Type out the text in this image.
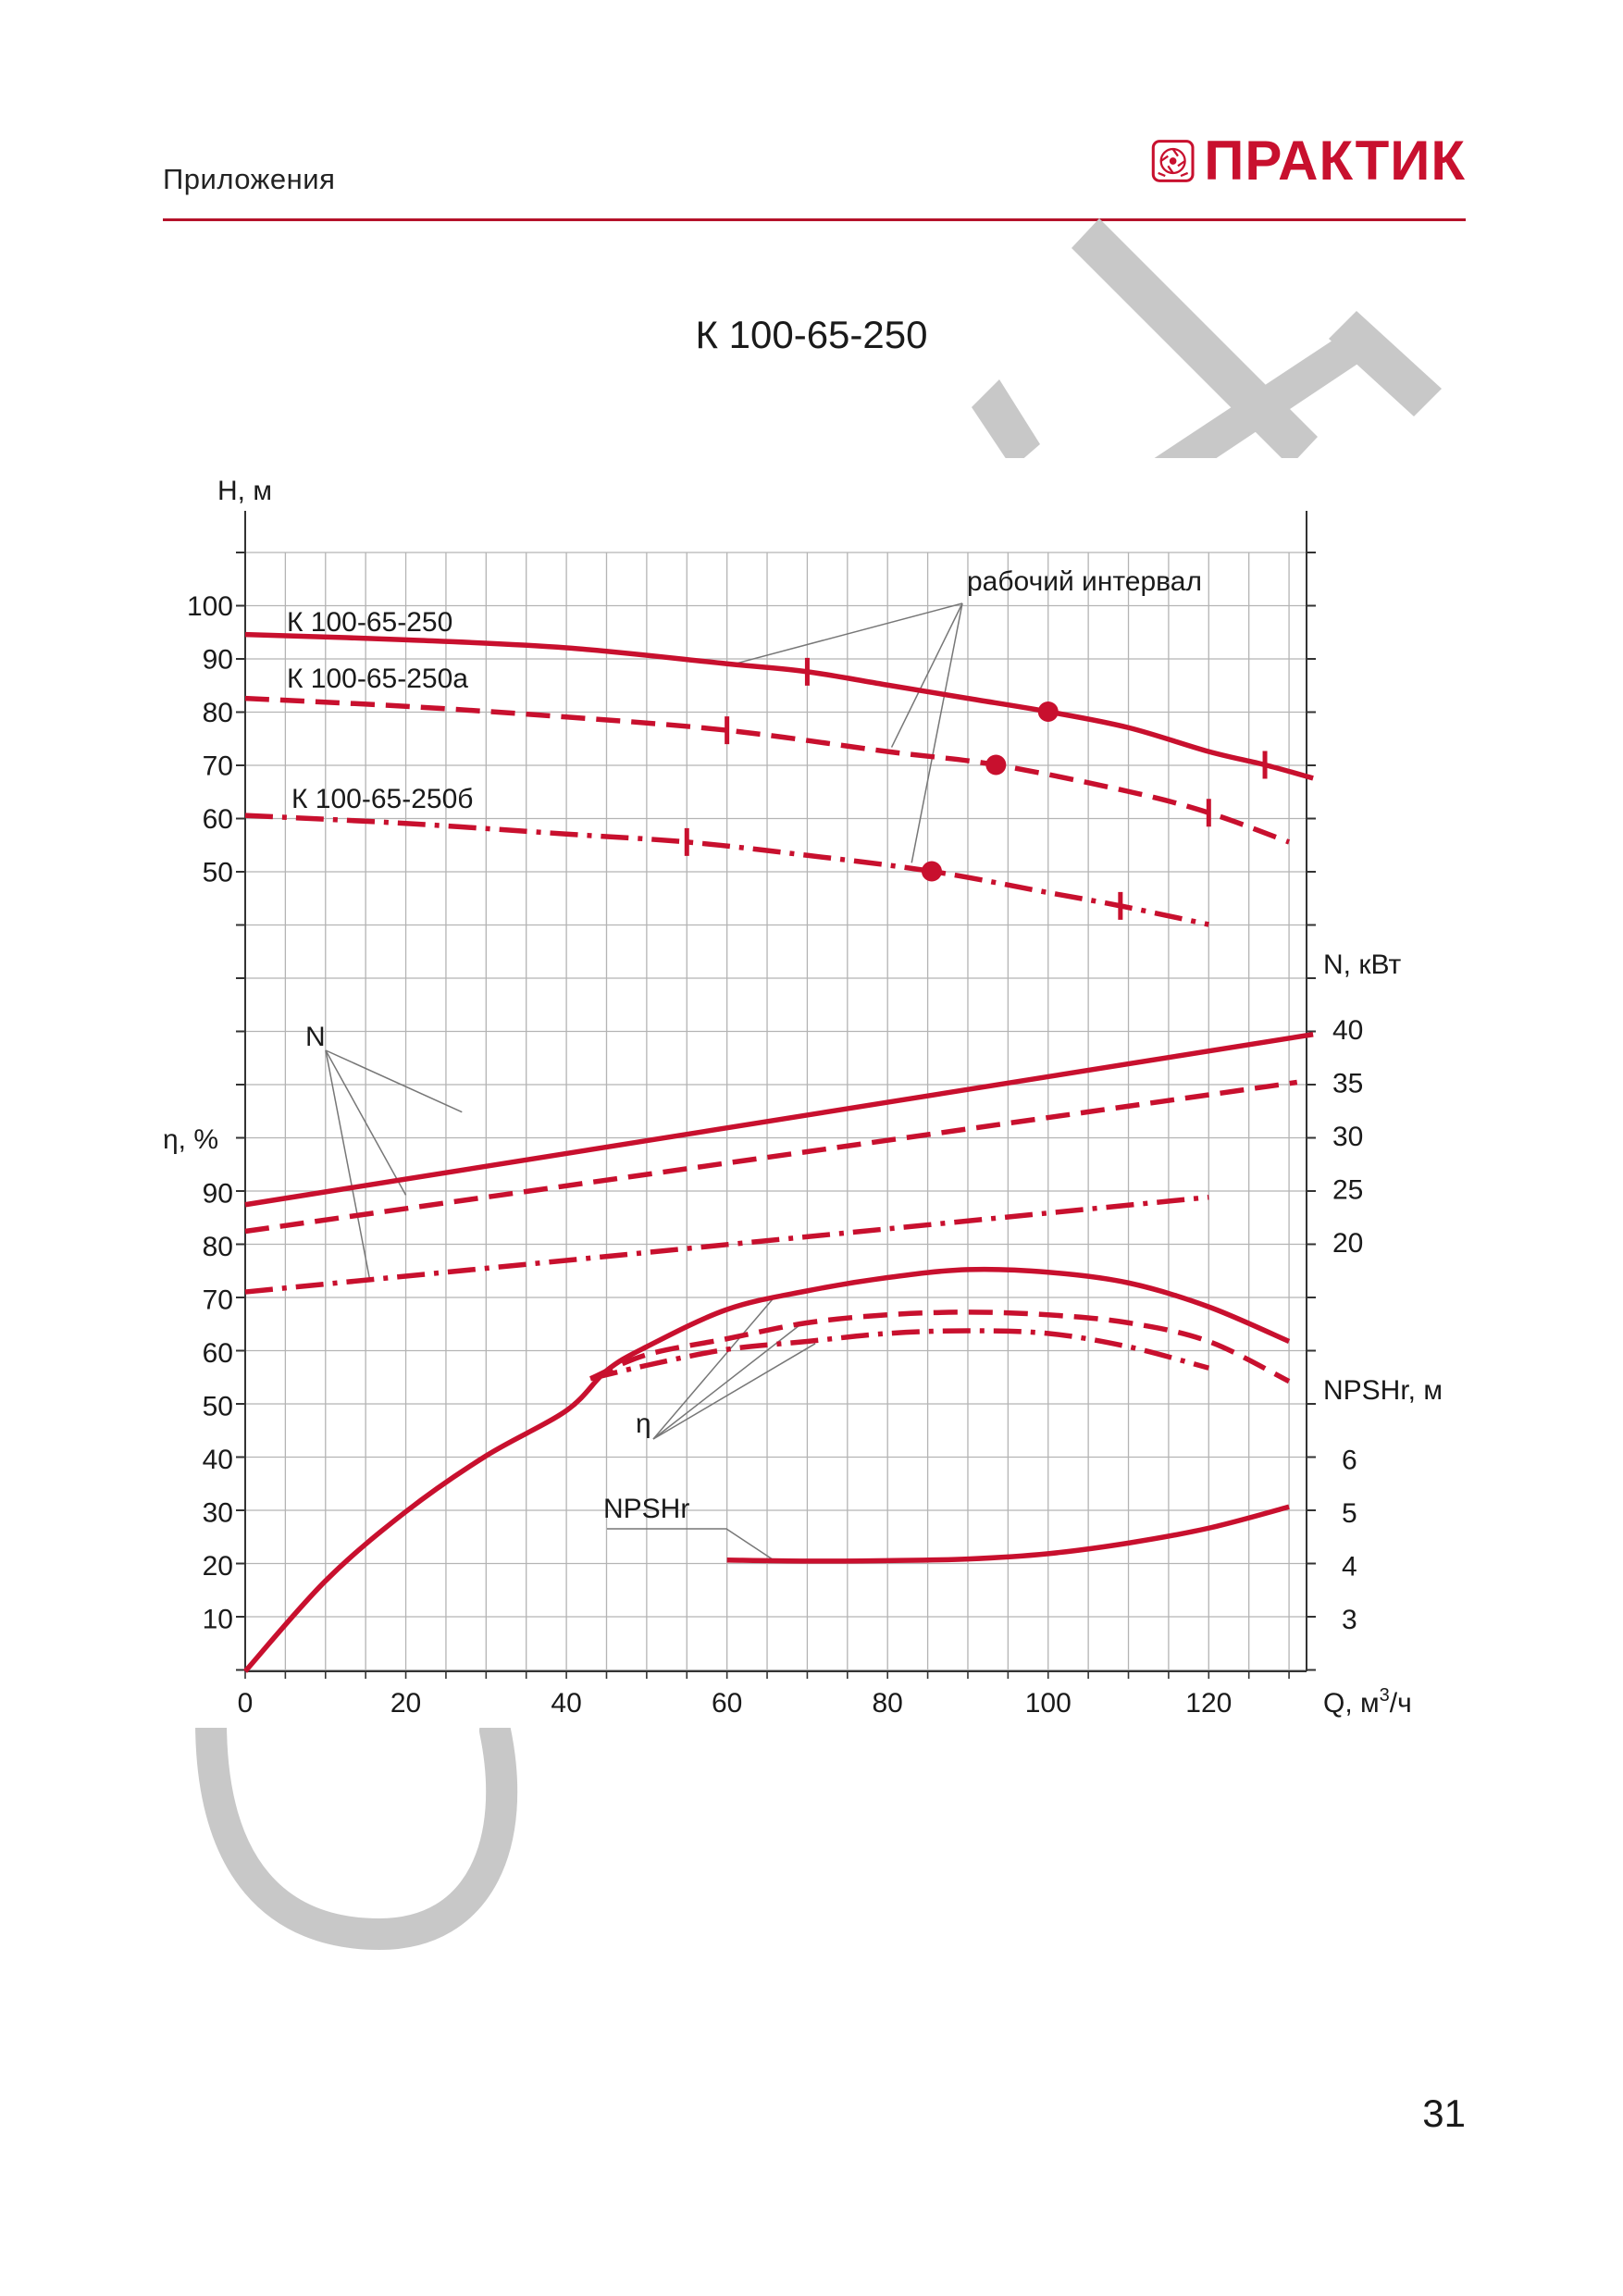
Приложения	ПРАКТИК
К 100-65-250
0	20	40	60	80	100	120	Q, $м^3/ч$
H, м
50
60
70
80
90
100
η, %
10
20
30
40
50
60
70
80
90
N, кВт
20
25
30
35
40
NPSHr, м
3
4
5
6
К 100-65-250
К 100-65-250а
К 100-65-250б
рабочий интервал
N
η
NPSHr
31
